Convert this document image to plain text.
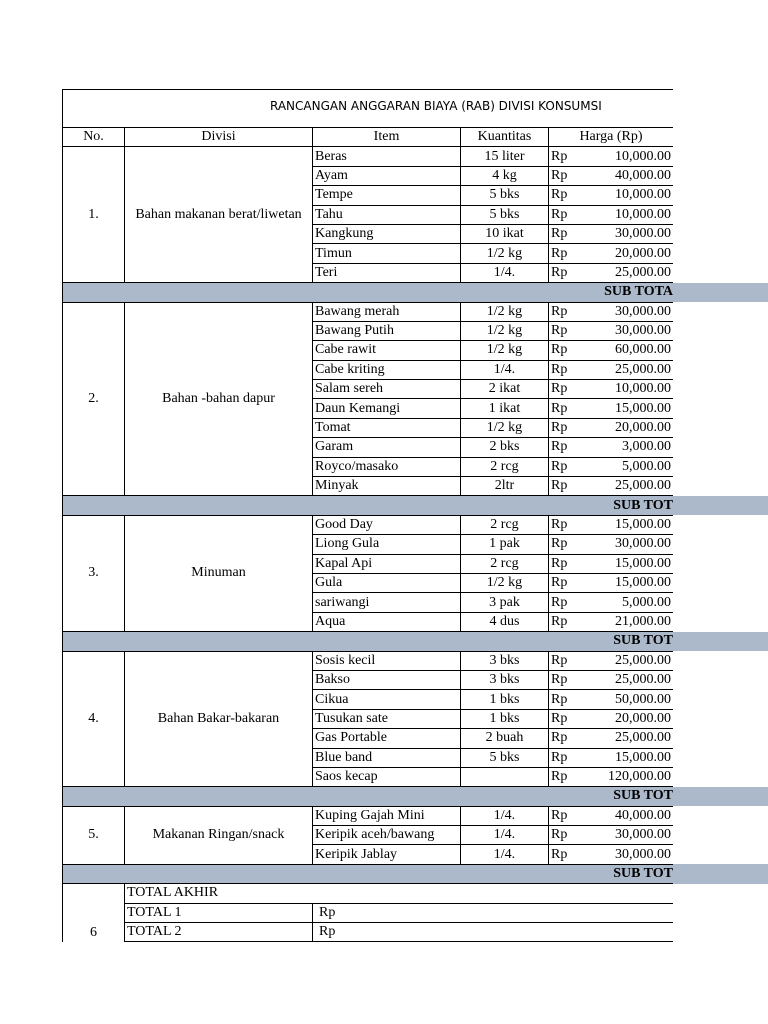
RANCANGAN ANGGARAN BIAYA (RAB) DIVISI KONSUMSI
No.	Divisi	Item	Kuantitas	Harga (Rp)	
1.	Bahan makanan berat/liwetan	Beras	15 liter	Rp	10,000.00
		Ayam	4 kg	Rp	40,000.00
		Tempe	5 bks	Rp	10,000.00
		Tahu	5 bks	Rp	10,000.00
		Kangkung	10 ikat	Rp	30,000.00
		Timun	1/2 kg	Rp	20,000.00
		Teri	1/4.	Rp	25,000.00
SUB TOTA					
2.	Bahan -bahan dapur	Bawang merah	1/2 kg	Rp	30,000.00
		Bawang Putih	1/2 kg	Rp	30,000.00
		Cabe rawit	1/2 kg	Rp	60,000.00
		Cabe kriting	1/4.	Rp	25,000.00
		Salam sereh	2 ikat	Rp	10,000.00
		Daun Kemangi	1 ikat	Rp	15,000.00
		Tomat	1/2 kg	Rp	20,000.00
		Garam	2 bks	Rp	3,000.00
		Royco/masako	2 rcg	Rp	5,000.00
		Minyak	2ltr	Rp	25,000.00
SUB TOT					
3.	Minuman	Good Day	2 rcg	Rp	15,000.00
		Liong Gula	1 pak	Rp	30,000.00
		Kapal Api	2 rcg	Rp	15,000.00
		Gula	1/2 kg	Rp	15,000.00
		sariwangi	3 pak	Rp	5,000.00
		Aqua	4 dus	Rp	21,000.00
SUB TOT					
4.	Bahan Bakar-bakaran	Sosis kecil	3 bks	Rp	25,000.00
		Bakso	3 bks	Rp	25,000.00
		Cikua	1 bks	Rp	50,000.00
		Tusukan sate	1 bks	Rp	20,000.00
		Gas Portable	2 buah	Rp	25,000.00
		Blue band	5 bks	Rp	15,000.00
		Saos kecap		Rp	120,000.00
SUB TOT					
5.	Makanan Ringan/snack	Kuping Gajah Mini	1/4.	Rp	40,000.00
		Keripik aceh/bawang	1/4.	Rp	30,000.00
		Keripik Jablay	1/4.	Rp	30,000.00
SUB TOT					
6	TOTAL AKHIR				
	TOTAL 1	Rp			
	TOTAL 2	Rp			
